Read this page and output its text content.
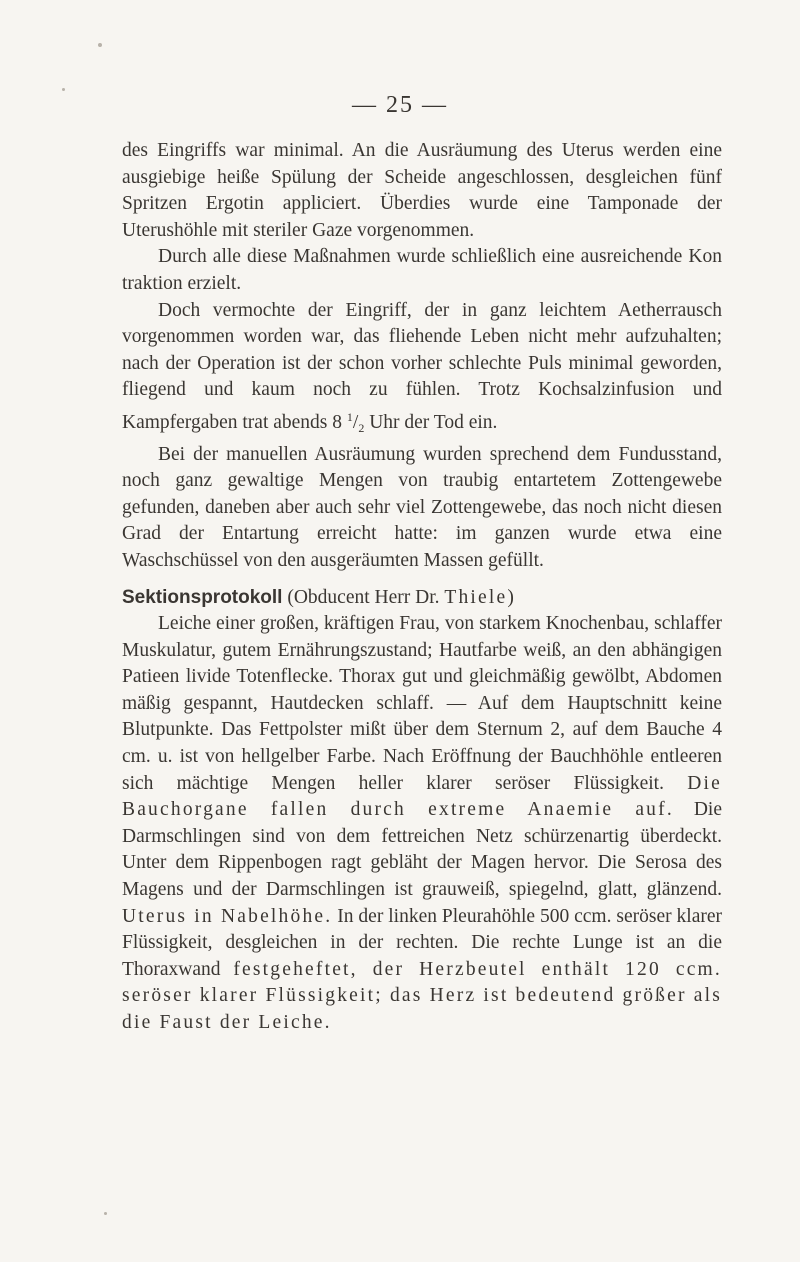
— 25 —

des Eingriffs war minimal. An die Ausräumung des Uterus werden eine ausgiebige heiße Spülung der Scheide angeschlossen, desgleichen fünf Spritzen Ergotin appliciert. Überdies wurde eine Tamponade der Uterushöhle mit steriler Gaze vorgenommen.

Durch alle diese Maßnahmen wurde schließlich eine ausreichende Kon traktion erzielt.

Doch vermochte der Eingriff, der in ganz leichtem Aetherrausch vorgenommen worden war, das fliehende Leben nicht mehr aufzuhalten; nach der Operation ist der schon vorher schlechte Puls minimal geworden, fliegend und kaum noch zu fühlen. Trotz Kochsalzinfusion und Kampfergaben trat abends 8 $^1/_2$ Uhr der Tod ein.

Bei der manuellen Ausräumung wurden sprechend dem Fundusstand, noch ganz gewaltige Mengen von traubig entartetem Zottengewebe gefunden, daneben aber auch sehr viel Zottengewebe, das noch nicht diesen Grad der Entartung erreicht hatte: im ganzen wurde etwa eine Waschschüssel von den ausgeräumten Massen gefüllt.

Sektionsprotokoll (Obducent Herr Dr. Thiele)

Leiche einer großen, kräftigen Frau, von starkem Knochenbau, schlaffer Muskulatur, gutem Ernährungszustand; Hautfarbe weiß, an den abhängigen Patieen livide Totenflecke. Thorax gut und gleichmäßig gewölbt, Abdomen mäßig gespannt, Hautdecken schlaff. — Auf dem Hauptschnitt keine Blutpunkte. Das Fettpolster mißt über dem Sternum 2, auf dem Bauche 4 cm. u. ist von hellgelber Farbe. Nach Eröffnung der Bauchhöhle entleeren sich mächtige Mengen heller klarer seröser Flüssigkeit. Die Bauchorgane fallen durch extreme Anaemie auf. Die Darmschlingen sind von dem fettreichen Netz schürzenartig überdeckt. Unter dem Rippenbogen ragt gebläht der Magen hervor. Die Serosa des Magens und der Darmschlingen ist grauweiß, spiegelnd, glatt, glänzend. Uterus in Nabelhöhe. In der linken Pleurahöhle 500 ccm. seröser klarer Flüssigkeit, desgleichen in der rechten. Die rechte Lunge ist an die Thoraxwand festgeheftet, der Herzbeutel enthält 120 ccm. seröser klarer Flüssigkeit; das Herz ist bedeutend größer als die Faust der Leiche.
